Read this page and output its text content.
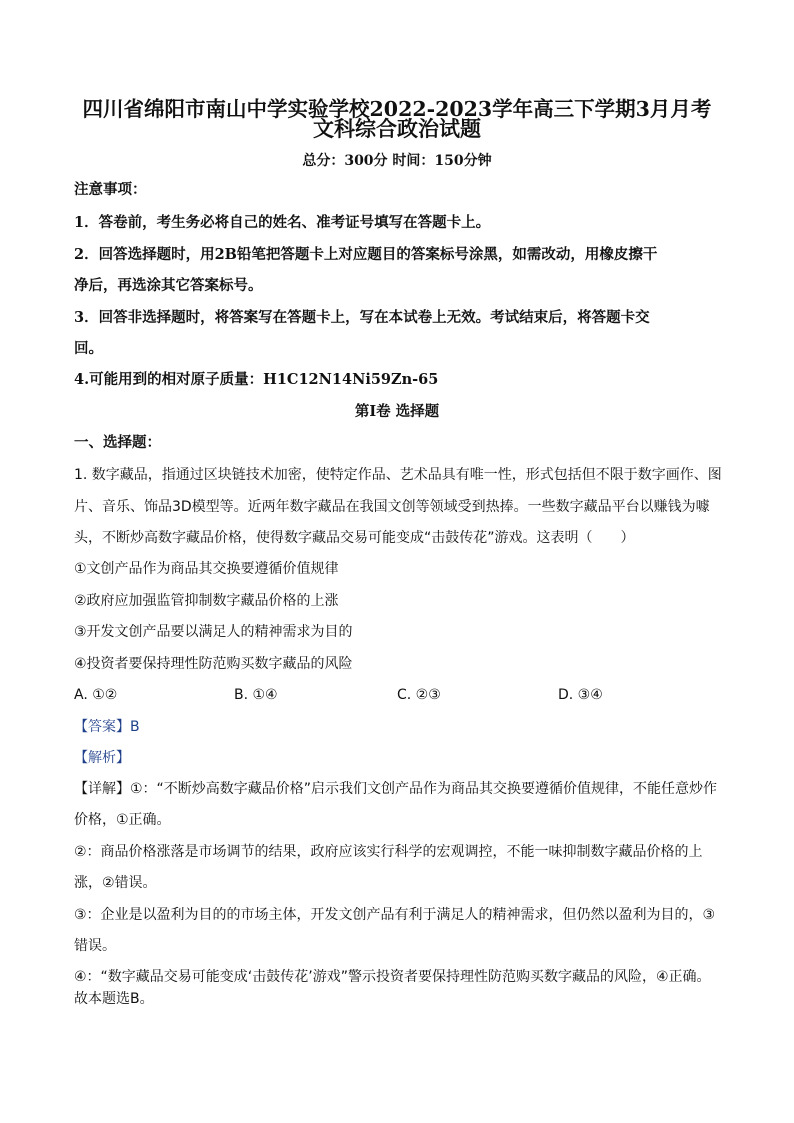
四川省绵阳市南山中学实验学校2022-2023学年高三下学期3月月考
文科综合政治试题
总分：300分 时间：150分钟
注意事项：
1．答卷前，考生务必将自己的姓名、准考证号填写在答题卡上。
2．回答选择题时，用2B铅笔把答题卡上对应题目的答案标号涂黑，如需改动，用橡皮擦干
净后，再选涂其它答案标号。
3．回答非选择题时，将答案写在答题卡上，写在本试卷上无效。考试结束后，将答题卡交
回。
4.可能用到的相对原子质量：H1C12N14Ni59Zn-65
第Ⅰ卷 选择题
一、选择题：
1. 数字藏品，指通过区块链技术加密，使特定作品、艺术品具有唯一性，形式包括但不限于数字画作、图
片、音乐、饰品3D模型等。近两年数字藏品在我国文创等领域受到热捧。一些数字藏品平台以赚钱为噱
头，不断炒高数字藏品价格，使得数字藏品交易可能变成“击鼓传花”游戏。这表明（　　）
①文创产品作为商品其交换要遵循价值规律
②政府应加强监管抑制数字藏品价格的上涨
③开发文创产品要以满足人的精神需求为目的
④投资者要保持理性防范购买数字藏品的风险
A. ①②	B. ①④	C. ②③	D. ③④
【答案】B
【解析】
【详解】①：“不断炒高数字藏品价格”启示我们文创产品作为商品其交换要遵循价值规律，不能任意炒作
价格，①正确。
②：商品价格涨落是市场调节的结果，政府应该实行科学的宏观调控，不能一味抑制数字藏品价格的上
涨，②错误。
③：企业是以盈利为目的的市场主体，开发文创产品有利于满足人的精神需求，但仍然以盈利为目的，③
错误。
④：“数字藏品交易可能变成‘击鼓传花’游戏”警示投资者要保持理性防范购买数字藏品的风险，④正确。
故本题选B。
